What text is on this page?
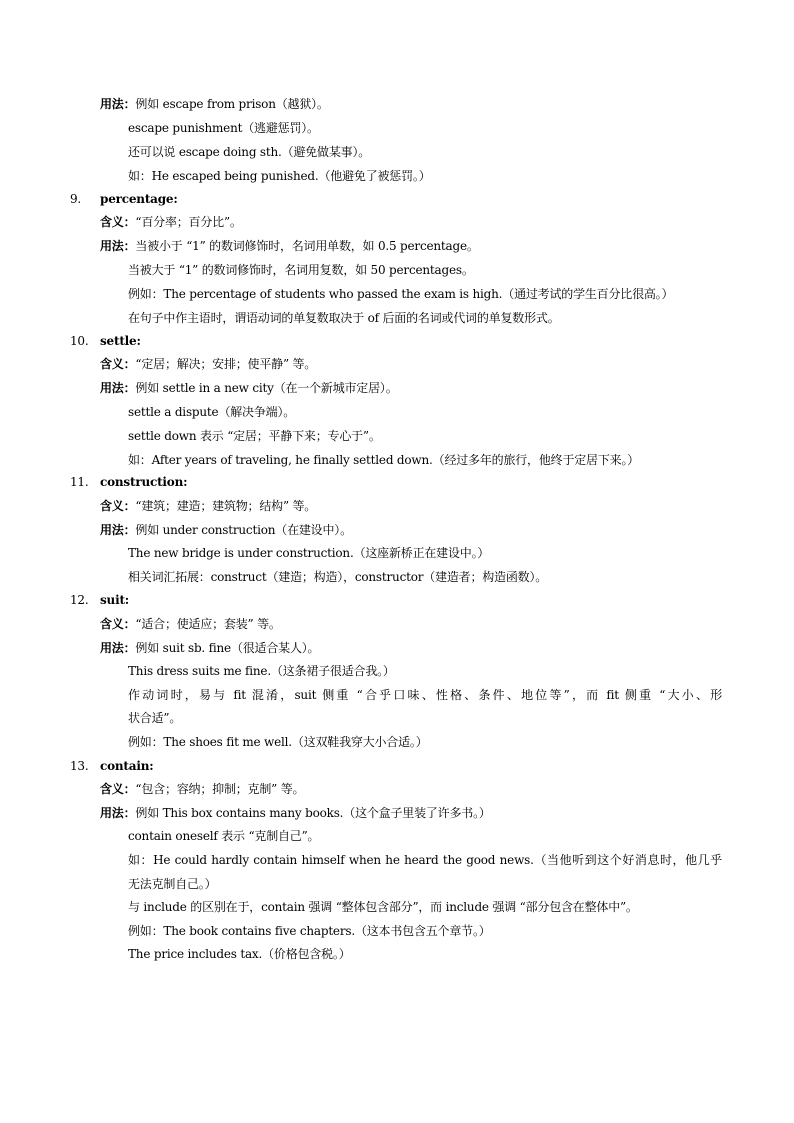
用法：例如 escape from prison（越狱）。
escape punishment（逃避惩罚）。
还可以说 escape doing sth.（避免做某事）。
如：He escaped being punished.（他避免了被惩罚。）
9. percentage:
含义：“百分率；百分比”。
用法：当被小于 “1” 的数词修饰时，名词用单数，如 0.5 percentage。
当被大于 “1” 的数词修饰时，名词用复数，如 50 percentages。
例如：The percentage of students who passed the exam is high.（通过考试的学生百分比很高。）
在句子中作主语时，谓语动词的单复数取决于 of 后面的名词或代词的单复数形式。
10. settle:
含义：“定居；解决；安排；使平静” 等。
用法：例如 settle in a new city（在一个新城市定居）。
settle a dispute（解决争端）。
settle down 表示 “定居；平静下来；专心于”。
如：After years of traveling, he finally settled down.（经过多年的旅行，他终于定居下来。）
11. construction:
含义：“建筑；建造；建筑物；结构” 等。
用法：例如 under construction（在建设中）。
The new bridge is under construction.（这座新桥正在建设中。）
相关词汇拓展：construct（建造；构造），constructor（建造者；构造函数）。
12. suit:
含义：“适合；使适应；套装” 等。
用法：例如 suit sb. fine（很适合某人）。
This dress suits me fine.（这条裙子很适合我。）
作动词时，易与 fit 混淆，suit 侧重 “合乎口味、性格、条件、地位等”，而 fit 侧重 “大小、形
状合适”。
例如：The shoes fit me well.（这双鞋我穿大小合适。）
13. contain:
含义：“包含；容纳；抑制；克制” 等。
用法：例如 This box contains many books.（这个盒子里装了许多书。）
contain oneself 表示 “克制自己”。
如：He could hardly contain himself when he heard the good news.（当他听到这个好消息时，他几乎
无法克制自己。）
与 include 的区别在于，contain 强调 “整体包含部分”，而 include 强调 “部分包含在整体中”。
例如：The book contains five chapters.（这本书包含五个章节。）
The price includes tax.（价格包含税。）
